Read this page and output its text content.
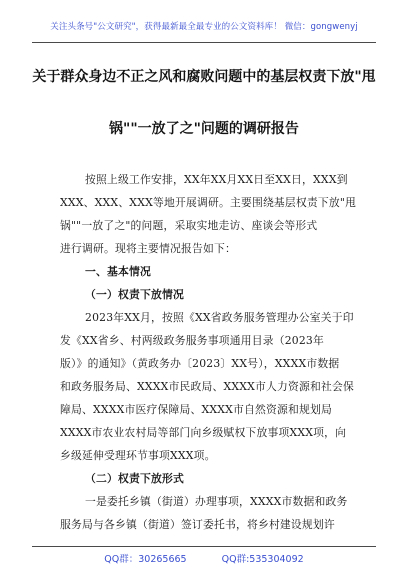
关注头条号"公文研究"，获得最新最全最专业的公文资料库！ 微信：gongwenyj
关于群众身边不正之风和腐败问题中的基层权责下放"甩
锅""一放了之"问题的调研报告
按照上级工作安排，XX年XX月XX日至XX日，XXX到
XXX、XXX、XXX等地开展调研。主要围绕基层权责下放"甩
锅""一放了之"的问题，采取实地走访、座谈会等形式
进行调研。现将主要情况报告如下：
一、基本情况
（一）权责下放情况
2023年XX月，按照《XX省政务服务管理办公室关于印
发《XX省乡、村两级政务服务事项通用目录（2023年
版）》的通知》（黄政务办〔2023〕XX号），XXXX市数据
和政务服务局、XXXX市民政局、XXXX市人力资源和社会保
障局、XXXX市医疗保障局、XXXX市自然资源和规划局
XXXX市农业农村局等部门向乡级赋权下放事项XXX项，向
乡级延伸受理环节事项XXX项。
（二）权责下放形式
一是委托乡镇（街道）办理事项，XXXX市数据和政务
服务局与各乡镇（街道）签订委托书，将乡村建设规划许
QQ群：30265665	QQ群:535304092
